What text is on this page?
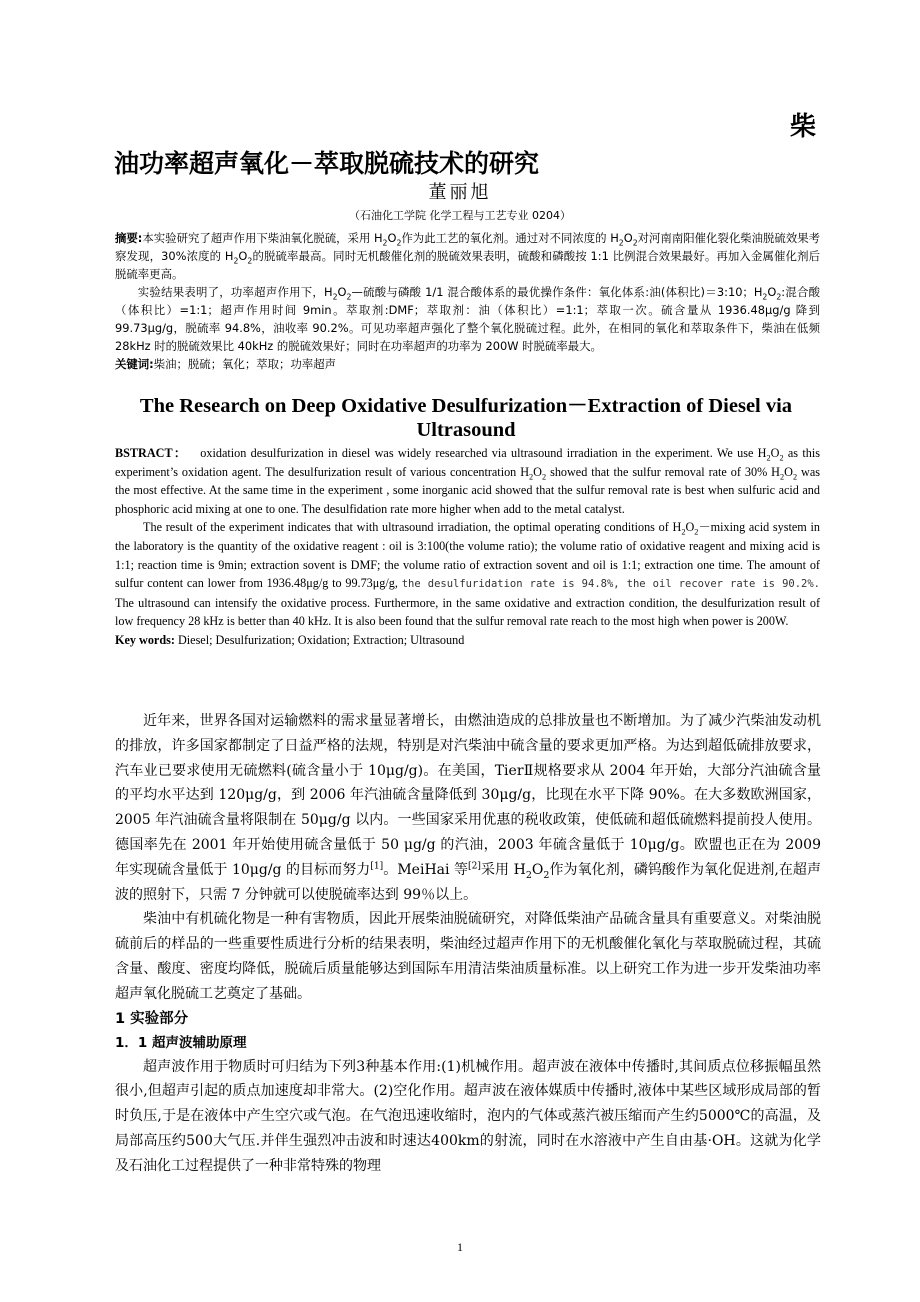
柴
油功率超声氧化－萃取脱硫技术的研究
董丽旭
（石油化工学院 化学工程与工艺专业 0204）

摘要:本实验研究了超声作用下柴油氧化脱硫，采用 $H_2O_2$作为此工艺的氧化剂。通过对不同浓度的 $H_2O_2$对河南南阳催化裂化柴油脱硫效果考察发现，30%浓度的 $H_2O_2$的脱硫率最高。同时无机酸催化剂的脱硫效果表明，硫酸和磷酸按 1:1 比例混合效果最好。再加入金属催化剂后脱硫率更高。

实验结果表明了，功率超声作用下，$H_2O_2—$硫酸与磷酸 1/1 混合酸体系的最优操作条件：氧化体系:油(体积比)＝3:10；$H_2O_2$:混合酸（体积比）=1:1；超声作用时间 9min。萃取剂:DMF；萃取剂：油（体积比）=1:1；萃取一次。硫含量从 1936.48μg/g 降到 99.73μg/g，脱硫率 94.8%，油收率 90.2%。可见功率超声强化了整个氧化脱硫过程。此外，在相同的氧化和萃取条件下，柴油在低频 28kHz 时的脱硫效果比 40kHz 的脱硫效果好；同时在功率超声的功率为 200W 时脱硫率最大。

关键词:柴油；脱硫；氧化；萃取；功率超声

The Research on Deep Oxidative Desulfurization－Extraction of Diesel via Ultrasound

BSTRACT： oxidation desulfurization in diesel was widely researched via ultrasound irradiation in the experiment. We use $H_2O_2$ as this experiment’s oxidation agent. The desulfurization result of various concentration $H_2O_2$ showed that the sulfur removal rate of 30% $H_2O_2$ was the most effective. At the same time in the experiment , some inorganic acid showed that the sulfur removal rate is best when sulfuric acid and phosphoric acid mixing at one to one. The desulfidation rate more higher when add to the metal catalyst.

The result of the experiment indicates that with ultrasound irradiation, the optimal operating conditions of $H_2O_2-mixing$ acid system in the laboratory is the quantity of the oxidative reagent : oil is 3:100(the volume ratio); the volume ratio of oxidative reagent and mixing acid is 1:1; reaction time is 9min; extraction sovent is DMF; the volume ratio of extraction sovent and oil is 1:1; extraction one time. The amount of sulfur content can lower from 1936.48μg/g to 99.73μg/g, the desulfuridation rate is 94.8%, the oil recover rate is 90.2%. The ultrasound can intensify the oxidative process. Furthermore, in the same oxidative and extraction condition, the desulfurization result of low frequency 28 kHz is better than 40 kHz. It is also been found that the sulfur removal rate reach to the most high when power is 200W.

Key words: Diesel; Desulfurization; Oxidation; Extraction; Ultrasound

近年来，世界各国对运输燃料的需求量显著增长，由燃油造成的总排放量也不断增加。为了减少汽柴油发动机的排放，许多国家都制定了日益严格的法规，特别是对汽柴油中硫含量的要求更加严格。为达到超低硫排放要求，汽车业已要求使用无硫燃料(硫含量小于 10μg/g)。在美国，TierⅡ规格要求从 2004 年开始，大部分汽油硫含量的平均水平达到 120μg/g，到 2006 年汽油硫含量降低到 30μg/g，比现在水平下降 90%。在大多数欧洲国家，2005 年汽油硫含量将限制在 50μg/g 以内。一些国家采用优惠的税收政策，使低硫和超低硫燃料提前投人使用。德国率先在 2001 年开始使用硫含量低于 50 μg/g 的汽油，2003 年硫含量低于 10μg/g。欧盟也正在为 2009 年实现硫含量低于 10μg/g 的目标而努力[1]。MeiHai 等[2]采用 $H_2O_2$作为氧化剂，磷钨酸作为氧化促进剂,在超声波的照射下，只需 7 分钟就可以使脱硫率达到 99％以上。

柴油中有机硫化物是一种有害物质，因此开展柴油脱硫研究，对降低柴油产品硫含量具有重要意义。对柴油脱硫前后的样品的一些重要性质进行分析的结果表明，柴油经过超声作用下的无机酸催化氧化与萃取脱硫过程，其硫含量、酸度、密度均降低，脱硫后质量能够达到国际车用清洁柴油质量标准。以上研究工作为进一步开发柴油功率超声氧化脱硫工艺奠定了基础。

1 实验部分
1．1 超声波辅助原理

超声波作用于物质时可归结为下列3种基本作用:(1)机械作用。超声波在液体中传播时,其间质点位移振幅虽然很小,但超声引起的质点加速度却非常大。(2)空化作用。超声波在液体媒质中传播时,液体中某些区域形成局部的暂时负压,于是在液体中产生空穴或气泡。在气泡迅速收缩时，泡内的气体或蒸汽被压缩而产生约5000℃的高温，及局部高压约500大气压.并伴生强烈冲击波和时速达400km的射流，同时在水溶液中产生自由基·OH。这就为化学及石油化工过程提供了一种非常特殊的物理

1
